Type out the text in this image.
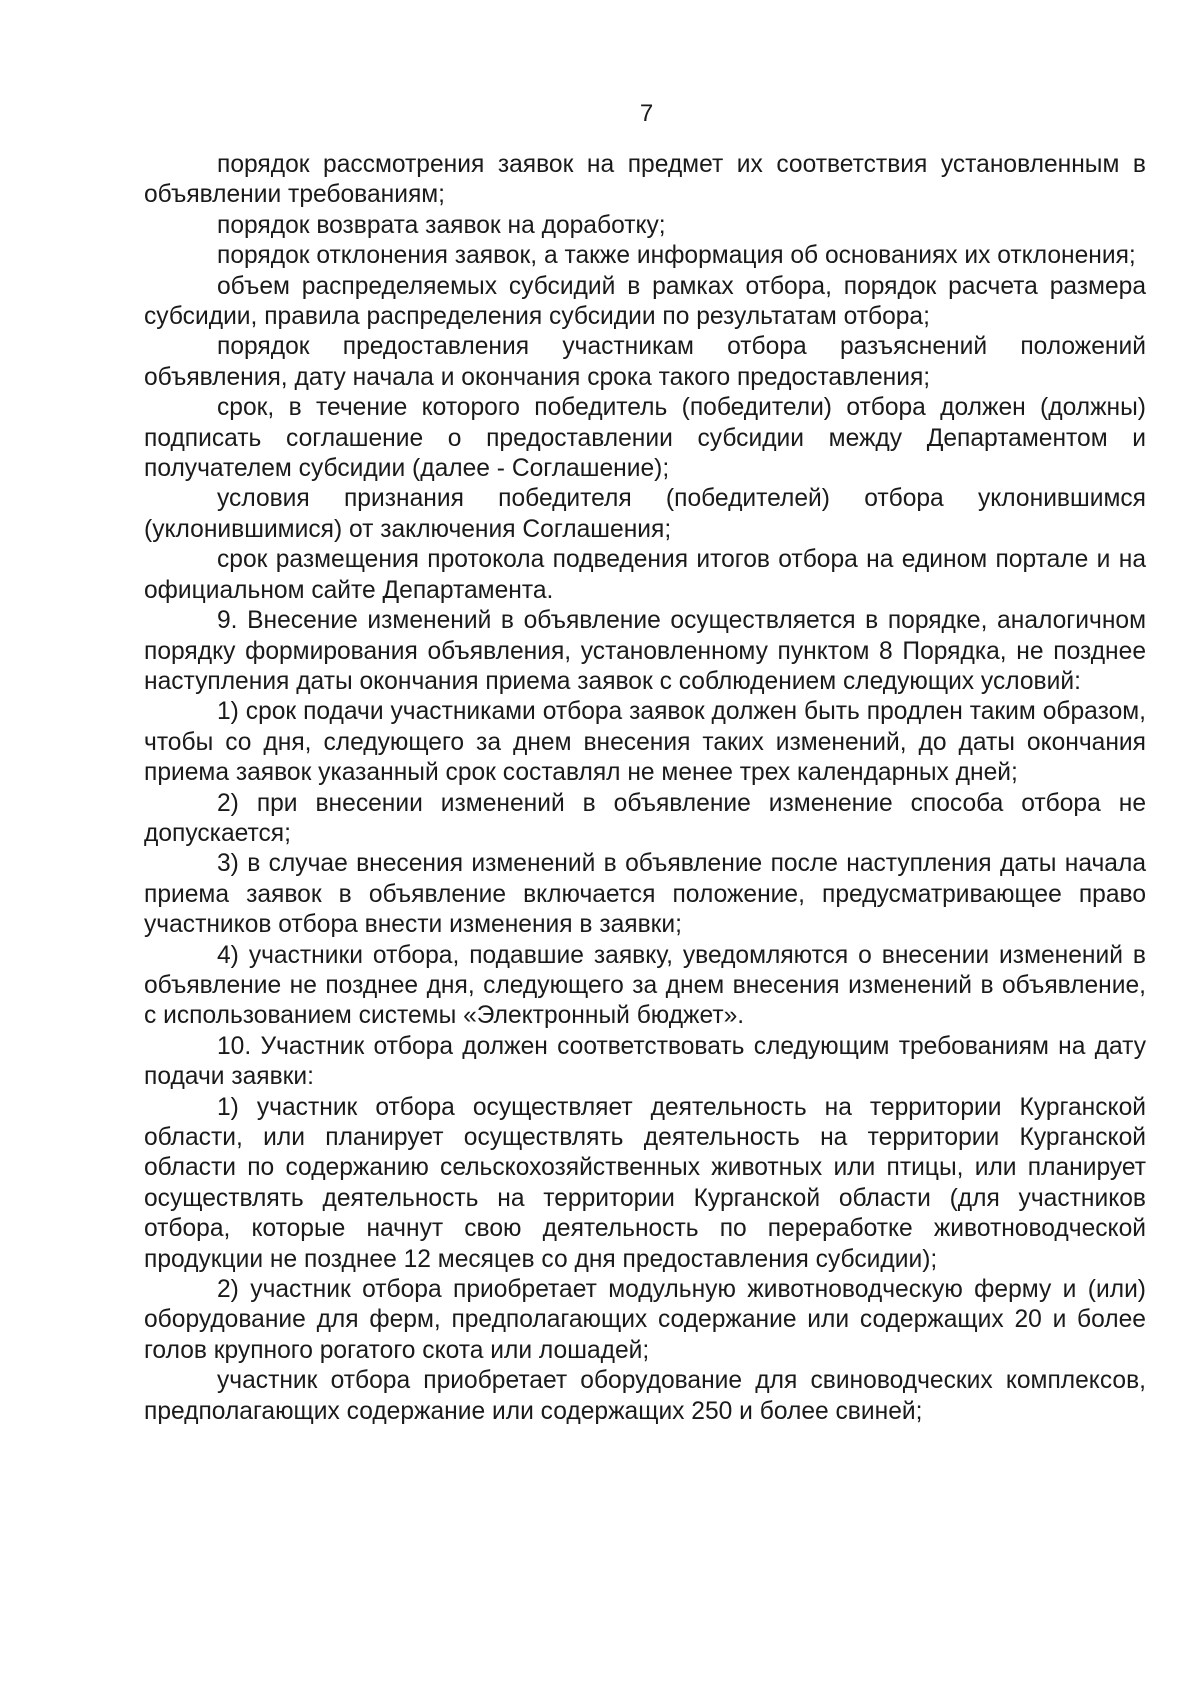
7

порядок рассмотрения заявок на предмет их соответствия установленным в объявлении требованиям;

порядок возврата заявок на доработку;

порядок отклонения заявок, а также информация об основаниях их отклонения;

объем распределяемых субсидий в рамках отбора, порядок расчета размера субсидии, правила распределения субсидии по результатам отбора;

порядок предоставления участникам отбора разъяснений положений объявления, дату начала и окончания срока такого предоставления;

срок, в течение которого победитель (победители) отбора должен (должны) подписать соглашение о предоставлении субсидии между Департаментом и получателем субсидии (далее - Соглашение);

условия признания победителя (победителей) отбора уклонившимся (уклонившимися) от заключения Соглашения;

срок размещения протокола подведения итогов отбора на едином портале и на официальном сайте Департамента.

9. Внесение изменений в объявление осуществляется в порядке, аналогичном порядку формирования объявления, установленному пунктом 8 Порядка, не позднее наступления даты окончания приема заявок с соблюдением следующих условий:

1) срок подачи участниками отбора заявок должен быть продлен таким образом, чтобы со дня, следующего за днем внесения таких изменений, до даты окончания приема заявок указанный срок составлял не менее трех календарных дней;

2) при внесении изменений в объявление изменение способа отбора не допускается;

3) в случае внесения изменений в объявление после наступления даты начала приема заявок в объявление включается положение, предусматривающее право участников отбора внести изменения в заявки;

4) участники отбора, подавшие заявку, уведомляются о внесении изменений в объявление не позднее дня, следующего за днем внесения изменений в объявление, с использованием системы «Электронный бюджет».

10. Участник отбора должен соответствовать следующим требованиям на дату подачи заявки:

1) участник отбора осуществляет деятельность на территории Курганской области, или планирует осуществлять деятельность на территории Курганской области по содержанию сельскохозяйственных животных или птицы, или планирует осуществлять деятельность на территории Курганской области (для участников отбора, которые начнут свою деятельность по переработке животноводческой продукции не позднее 12 месяцев со дня предоставления субсидии);

2) участник отбора приобретает модульную животноводческую ферму и (или) оборудование для ферм, предполагающих содержание или содержащих 20 и более голов крупного рогатого скота или лошадей;

участник отбора приобретает оборудование для свиноводческих комплексов, предполагающих содержание или содержащих 250 и более свиней;
